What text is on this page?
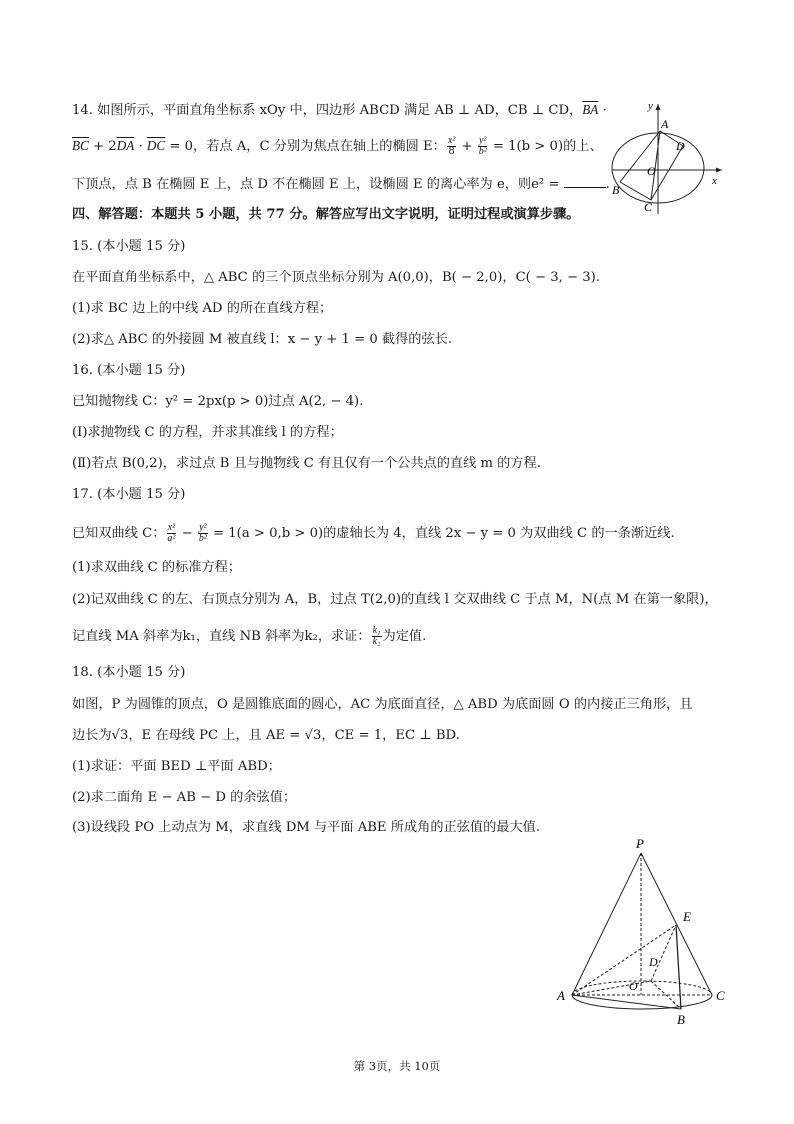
14. 如图所示，平面直角坐标系 xOy 中，四边形 ABCD 满足 AB ⊥ AD，CB ⊥ CD，$\overline{BA}$ ·
$\overline{BC} + 2\overline{DA} \cdot \overline{DC} = 0$，若点 A，C 分别为焦点在轴上的椭圆 E： $\frac{\text{x²}}{8} + \frac{\text{y²}}{\text{b²}} = 1(b > 0)$的上、
下顶点，点 B 在椭圆 E 上，点 D 不在椭圆 E 上，设椭圆 E 的离心率为 e，则e² =	.
四、解答题：本题共 5 小题，共 77 分。解答应写出文字说明，证明过程或演算步骤。
15. (本小题 15 分)
在平面直角坐标系中，△ ABC 的三个顶点坐标分别为 A(0,0)，B( − 2,0)，C( − 3, − 3).
(1)求 BC 边上的中线 AD 的所在直线方程；
(2)求△ ABC 的外接圆 M 被直线 l：x − y + 1 = 0 截得的弦长.
16. (本小题 15 分)
已知抛物线 C：y² = 2px(p > 0)过点 A(2, − 4).
(Ⅰ)求抛物线 C 的方程，并求其准线 l 的方程；
(Ⅱ)若点 B(0,2)，求过点 B 且与抛物线 C 有且仅有一个公共点的直线 m 的方程.
17. (本小题 15 分)
已知双曲线 C： $\frac{\text{x²}}{\text{a²}} - \frac{\text{y²}}{\text{b²}} = 1(a > 0,b > 0)$的虚轴长为 4，直线 2x − y = 0 为双曲线 C 的一条渐近线.
(1)求双曲线 C 的标准方程；
(2)记双曲线 C 的左、右顶点分别为 A，B，过点 T(2,0)的直线 l 交双曲线 C 于点 M，N(点 M 在第一象限)，
记直线 MA 斜率为k₁，直线 NB 斜率为k₂，求证： $\frac{\text{k₁}}{\text{k₂}}$ 为定值.
18. (本小题 15 分)
如图，P 为圆锥的顶点，O 是圆锥底面的圆心，AC 为底面直径，△ ABD 为底面圆 O 的内接正三角形，且
边长为√3，E 在母线 PC 上，且 AE = √3，CE = 1，EC ⊥ BD.
(1)求证：平面 BED ⊥平面 ABD；
(2)求二面角 E − AB − D 的余弦值；
(3)设线段 PO 上动点为 M，求直线 DM 与平面 ABE 所成角的正弦值的最大值.
y
x
A
D
O
B
C
P
E
D
O
A	C
B
第 3页，共 10页
